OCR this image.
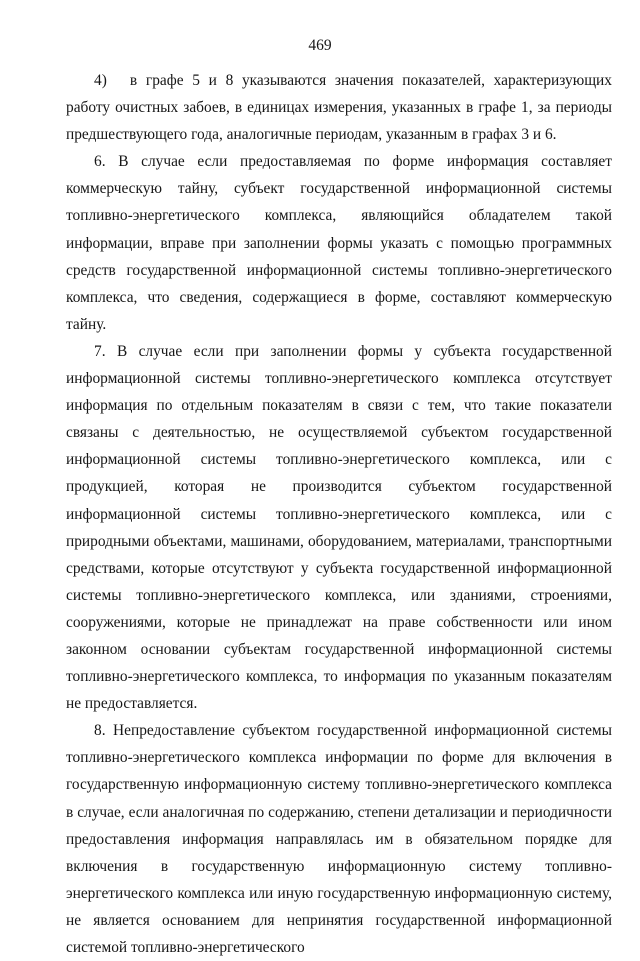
469

4)  в графе 5 и 8 указываются значения показателей, характеризующих работу очистных забоев, в единицах измерения, указанных в графе 1, за периоды предшествующего года, аналогичные периодам, указанным в графах 3 и 6.

6. В случае если предоставляемая по форме информация составляет коммерческую тайну, субъект государственной информационной системы топливно-энергетического комплекса, являющийся обладателем такой информации, вправе при заполнении формы указать с помощью программных средств государственной информационной системы топливно-энергетического комплекса, что сведения, содержащиеся в форме, составляют коммерческую тайну.

7. В случае если при заполнении формы у субъекта государственной информационной системы топливно-энергетического комплекса отсутствует информация по отдельным показателям в связи с тем, что такие показатели связаны с деятельностью, не осуществляемой субъектом государственной информационной системы топливно-энергетического комплекса, или с продукцией, которая не производится субъектом государственной информационной системы топливно-энергетического комплекса, или с природными объектами, машинами, оборудованием, материалами, транспортными средствами, которые отсутствуют у субъекта государственной информационной системы топливно-энергетического комплекса, или зданиями, строениями, сооружениями, которые не принадлежат на праве собственности или ином законном основании субъектам государственной информационной системы топливно-энергетического комплекса, то информация по указанным показателям не предоставляется.

8. Непредоставление субъектом государственной информационной системы топливно-энергетического комплекса информации по форме для включения в государственную информационную систему топливно-энергетического комплекса в случае, если аналогичная по содержанию, степени детализации и периодичности предоставления информация направлялась им в обязательном порядке для включения в государственную информационную систему топливно-энергетического комплекса или иную государственную информационную систему, не является основанием для непринятия государственной информационной системой топливно-энергетического
